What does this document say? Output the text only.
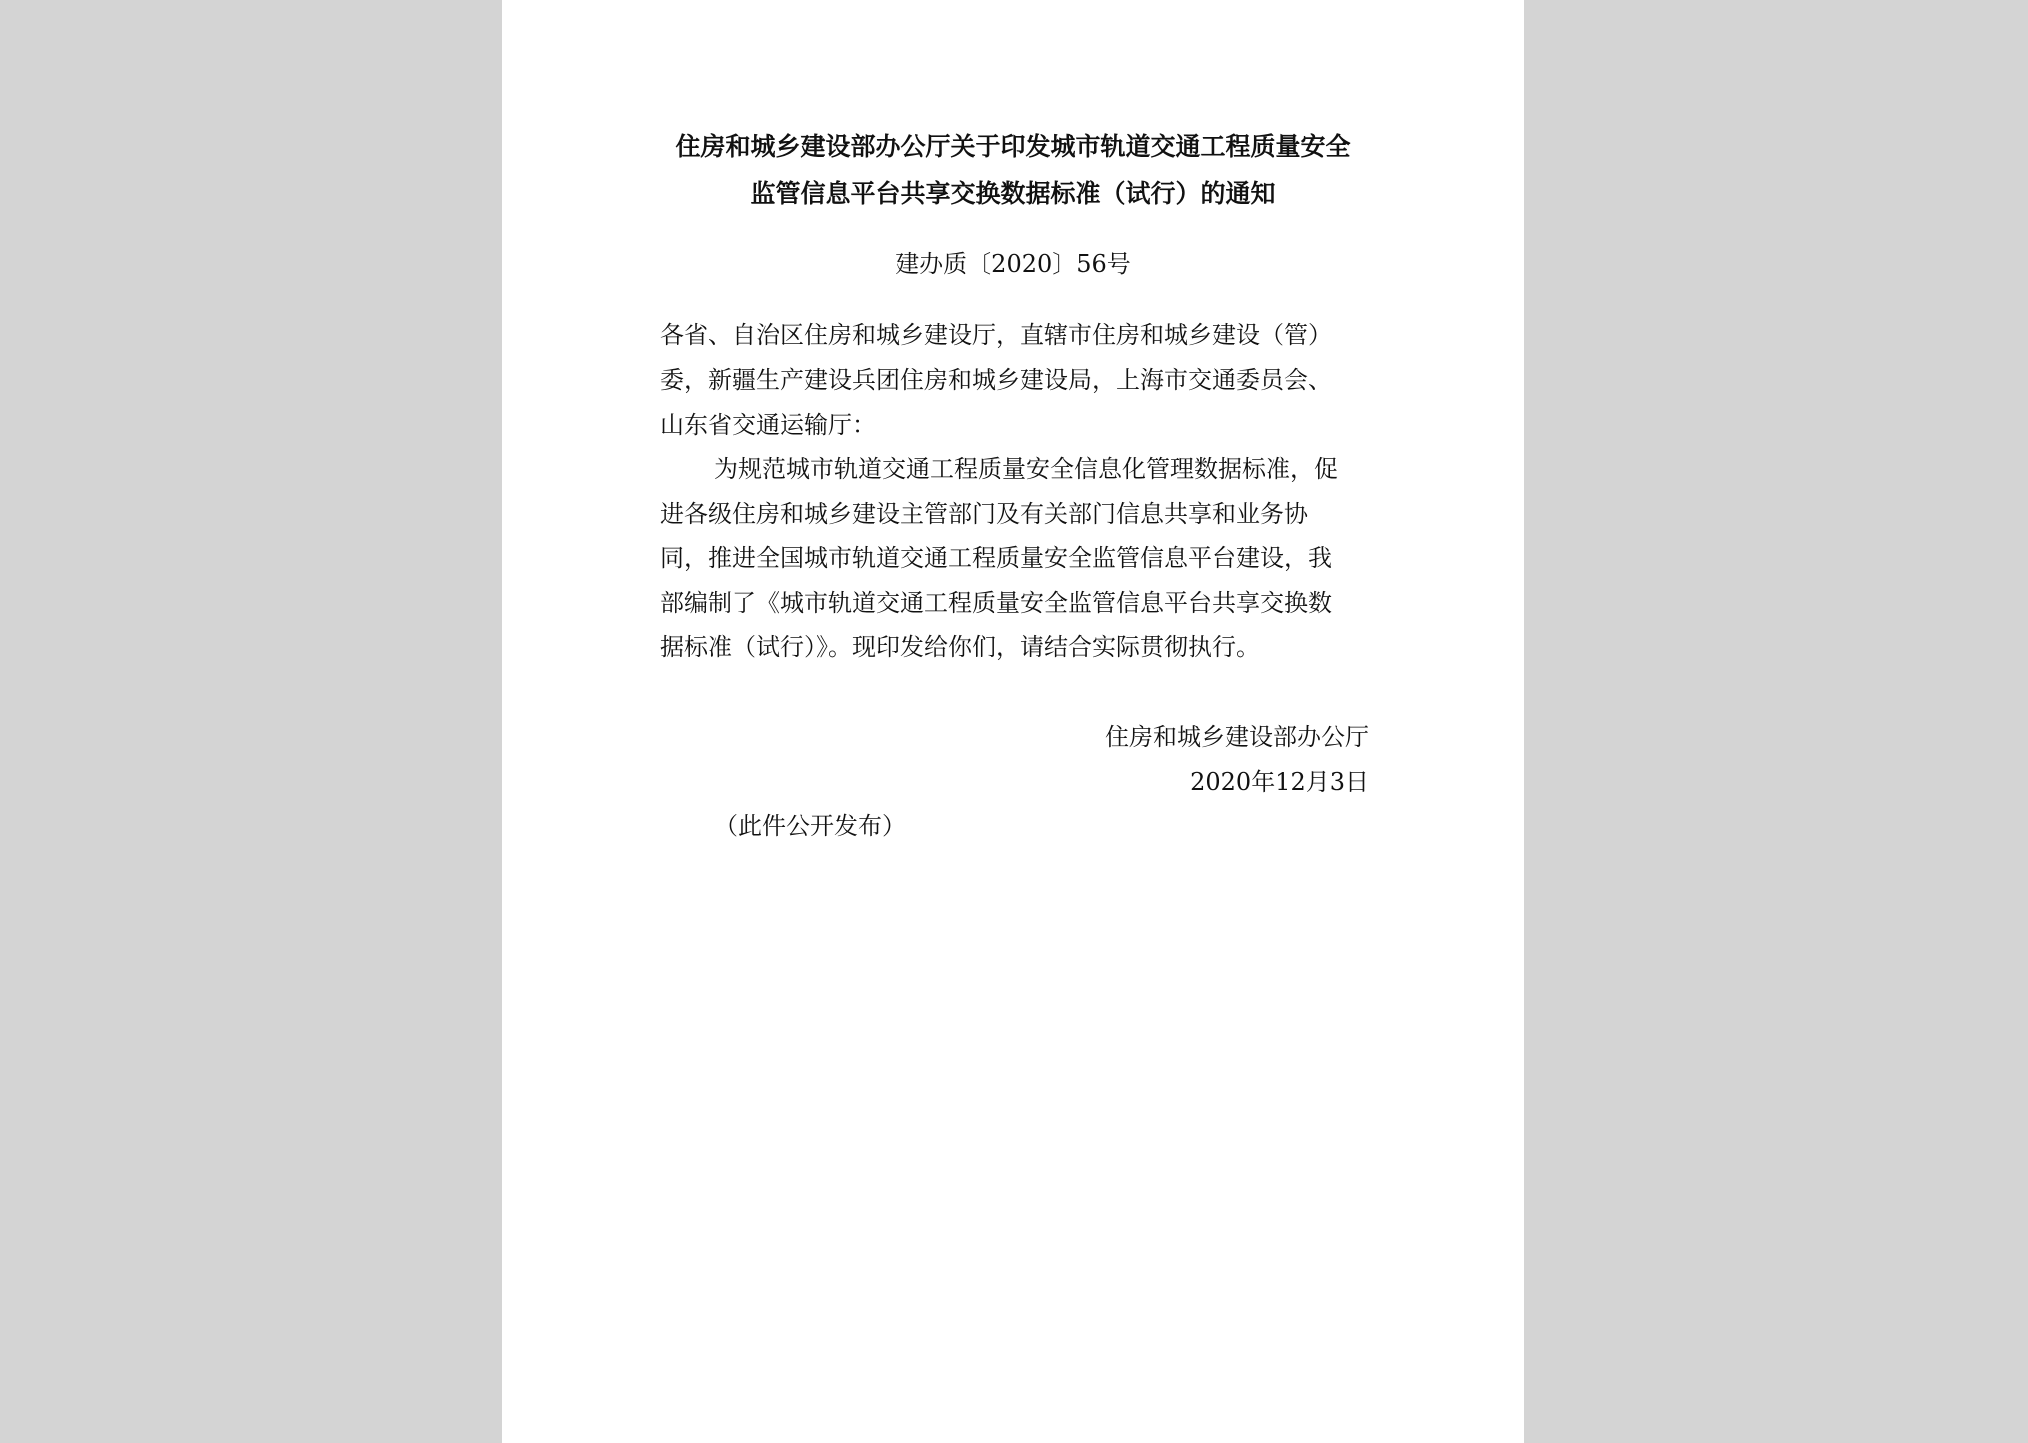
住房和城乡建设部办公厅关于印发城市轨道交通工程质量安全
监管信息平台共享交换数据标准（试行）的通知
建办质〔2020〕56号
各省、自治区住房和城乡建设厅，直辖市住房和城乡建设（管）
委，新疆生产建设兵团住房和城乡建设局，上海市交通委员会、
山东省交通运输厅：
为规范城市轨道交通工程质量安全信息化管理数据标准，促
进各级住房和城乡建设主管部门及有关部门信息共享和业务协
同，推进全国城市轨道交通工程质量安全监管信息平台建设，我
部编制了《城市轨道交通工程质量安全监管信息平台共享交换数
据标准（试行）》。现印发给你们，请结合实际贯彻执行。
住房和城乡建设部办公厅
2020年12月3日
（此件公开发布）
